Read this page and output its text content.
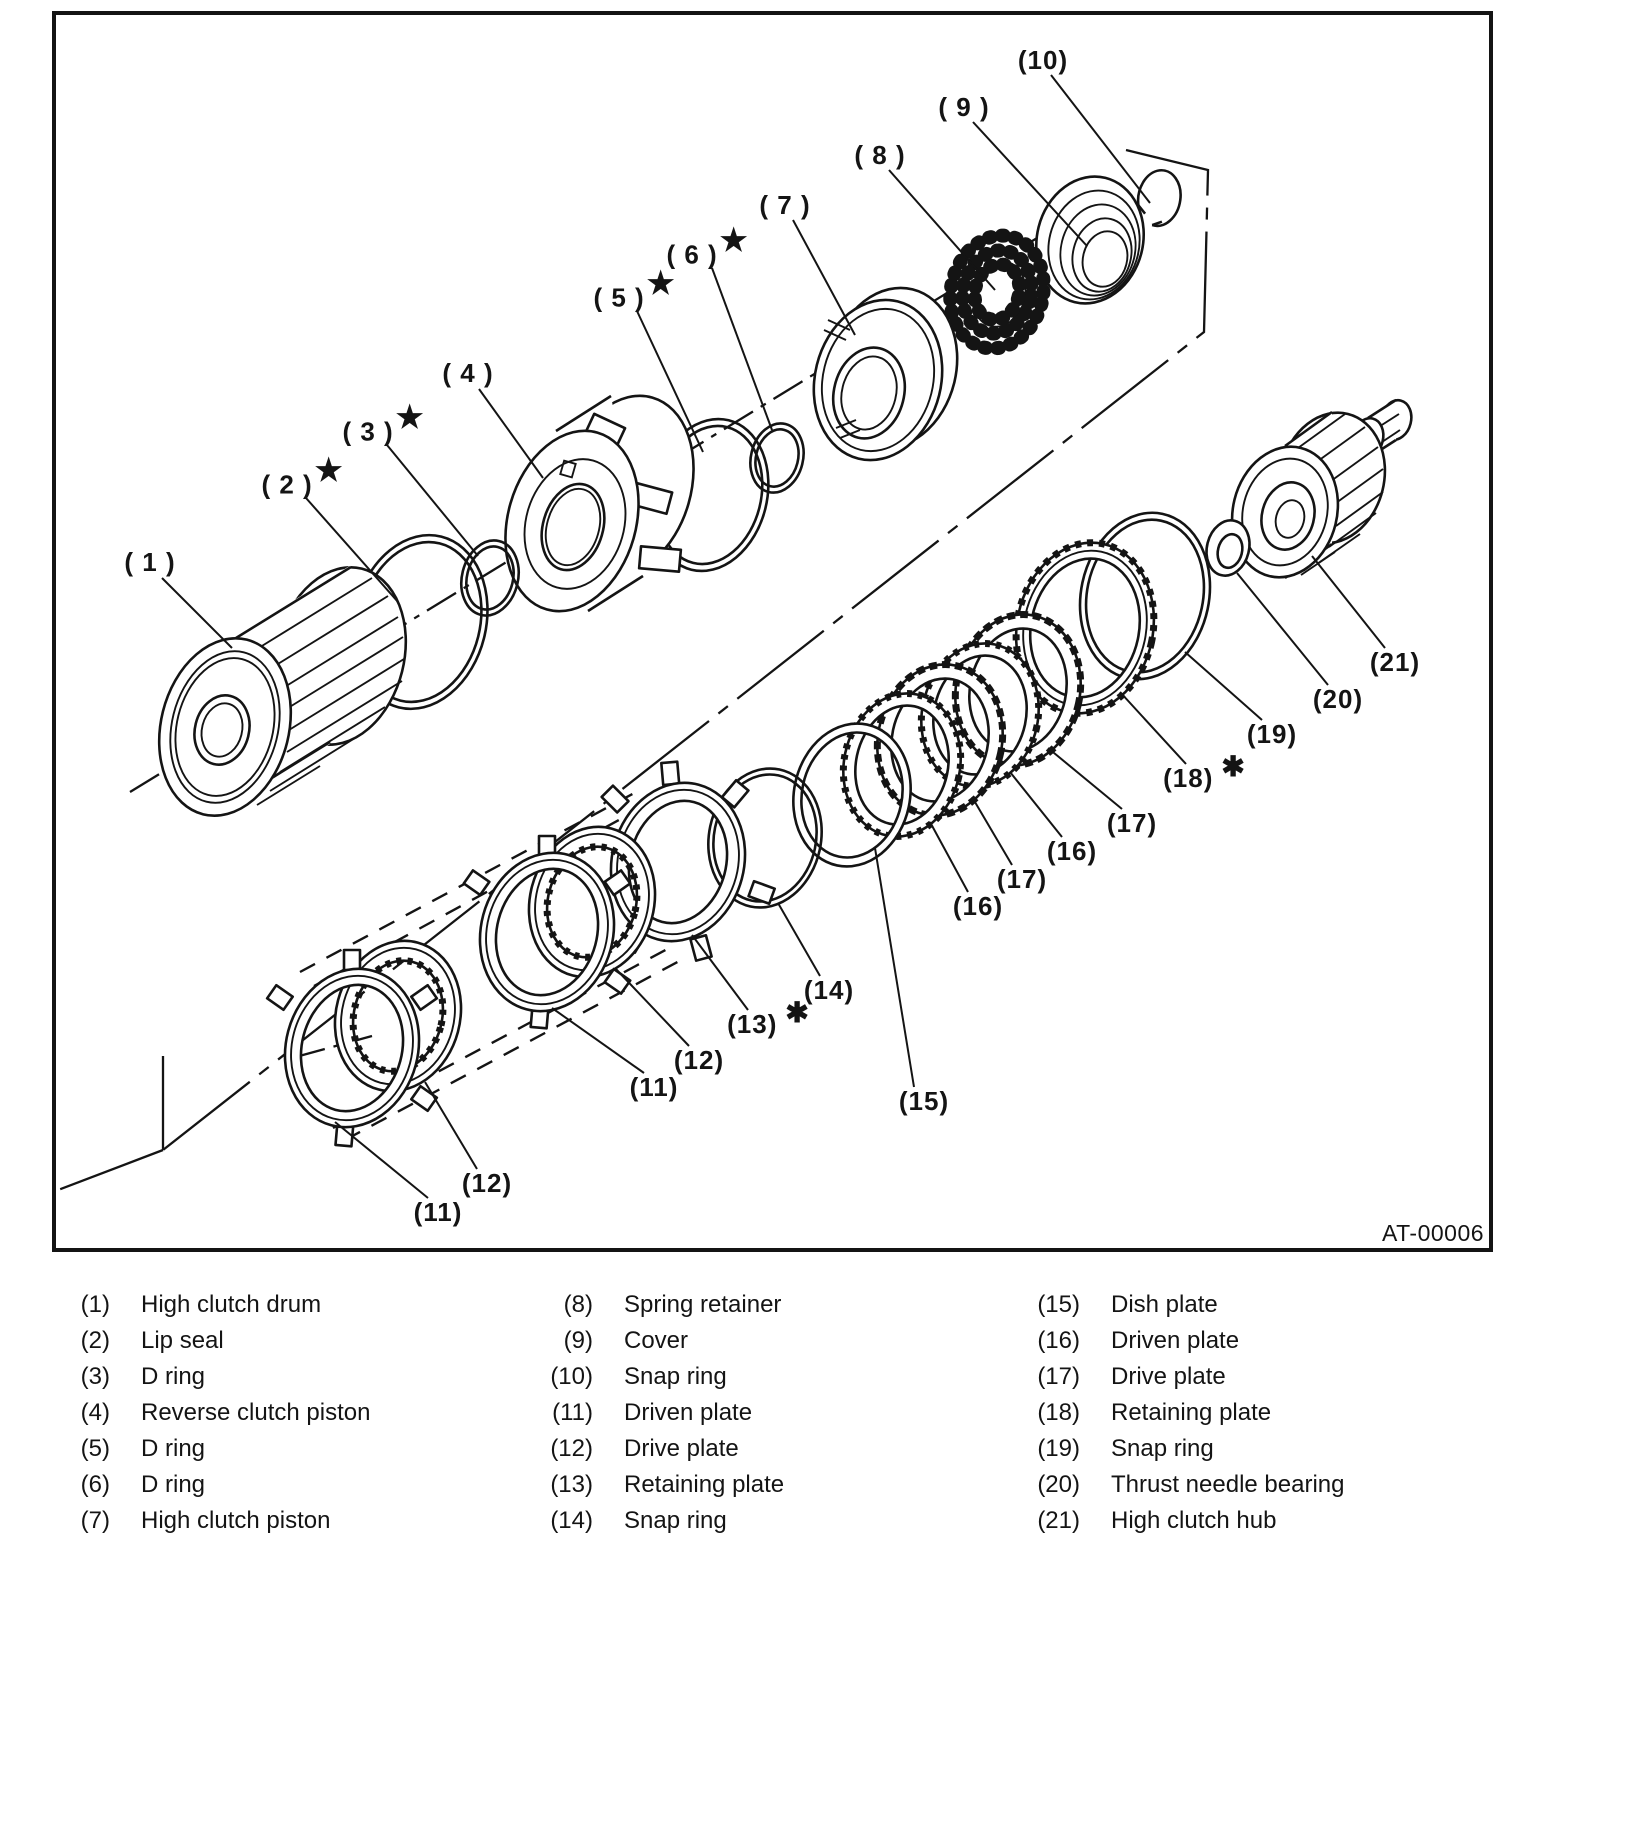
( 1 )
( 2 )★
( 3 )★
( 4 )
( 5 )★
( 6 )★
( 7 )
( 8 )
( 9 )
(10)
(11)
(12)
(11)
(12)
(13) ✱
(14)
(15)
(16)
(17)
(16)
(17)
(18) ✱
(19)
(20)
(21)
AT-00006
(1) High clutch drum
(2) Lip seal
(3) D ring
(4) Reverse clutch piston
(5) D ring
(6) D ring
(7) High clutch piston
(8) Spring retainer
(9) Cover
(10) Snap ring
(11) Driven plate
(12) Drive plate
(13) Retaining plate
(14) Snap ring
(15) Dish plate
(16) Driven plate
(17) Drive plate
(18) Retaining plate
(19) Snap ring
(20) Thrust needle bearing
(21) High clutch hub
